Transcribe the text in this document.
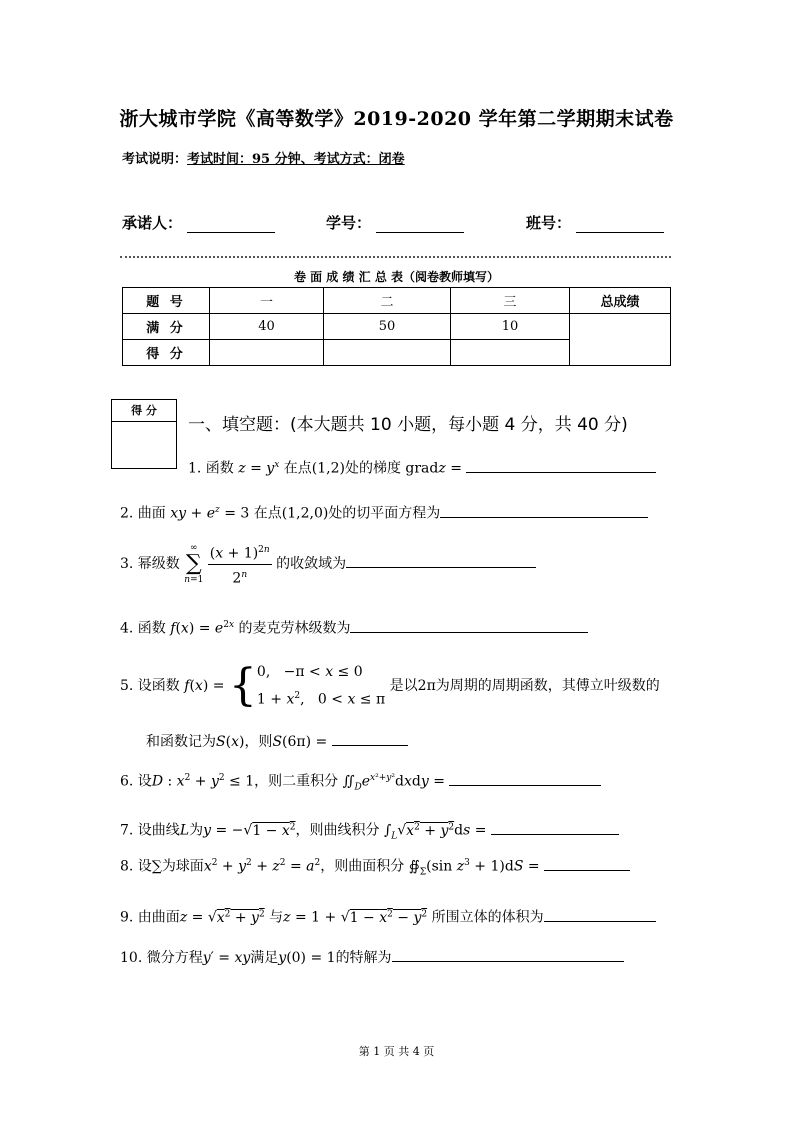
浙大城市学院《高等数学》2019-2020 学年第二学期期末试卷
考试说明：考试时间：95 分钟、考试方式：闭卷
承诺人：	学号：	班号：
卷 面 成 绩 汇 总 表（阅卷教师填写）
题 号	一	二	三	总成绩
满 分	40	50	10	
得 分				
得 分
一、填空题：(本大题共 10 小题，每小题 4 分，共 40 分)
1. 函数 $z = y^x$ 在点(1,2)处的梯度 gradz =
2. 曲面 xy + $e^z = 3$ 在点(1,2,0)处的切平面方程为
3. 幂级数 ∞
∑
$n=1 \frac{(x + 1)^{2n}}{2^n}$ 的收敛域为
4. 函数 $f(x) = e^{2x}$ 的麦克劳林级数为
5. 设函数 f(x) = { 0,   −π < x ≤ 0
$1 + x^2$,   0 < x ≤ π
是以2π为周期的周期函数，其傅立叶级数的
和函数记为S(x)，则S(6π) =
6. 设D : $x^2 + y^2 \le 1$，则二重积分 $∬_De^{x^2+y^2}dxdy$ =
7. 设曲线L为$y = -√1 - x^2$，则曲线积分 $\int_L√x^2 + y^2ds$ =
8. 设∑为球面$x^2 + y^2 + z^2 = a^2$，则曲面积分 $∯_\Sigma(\sin$ $z^3 + 1)dS$ =
9. 由曲面$z = √x^2 + y^2$ 与$z = 1 + √1 - x^2 - y^2$ 所围立体的体积为
10. 微分方程y′ = xy满足y(0) = 1的特解为
第 1 页 共 4 页
